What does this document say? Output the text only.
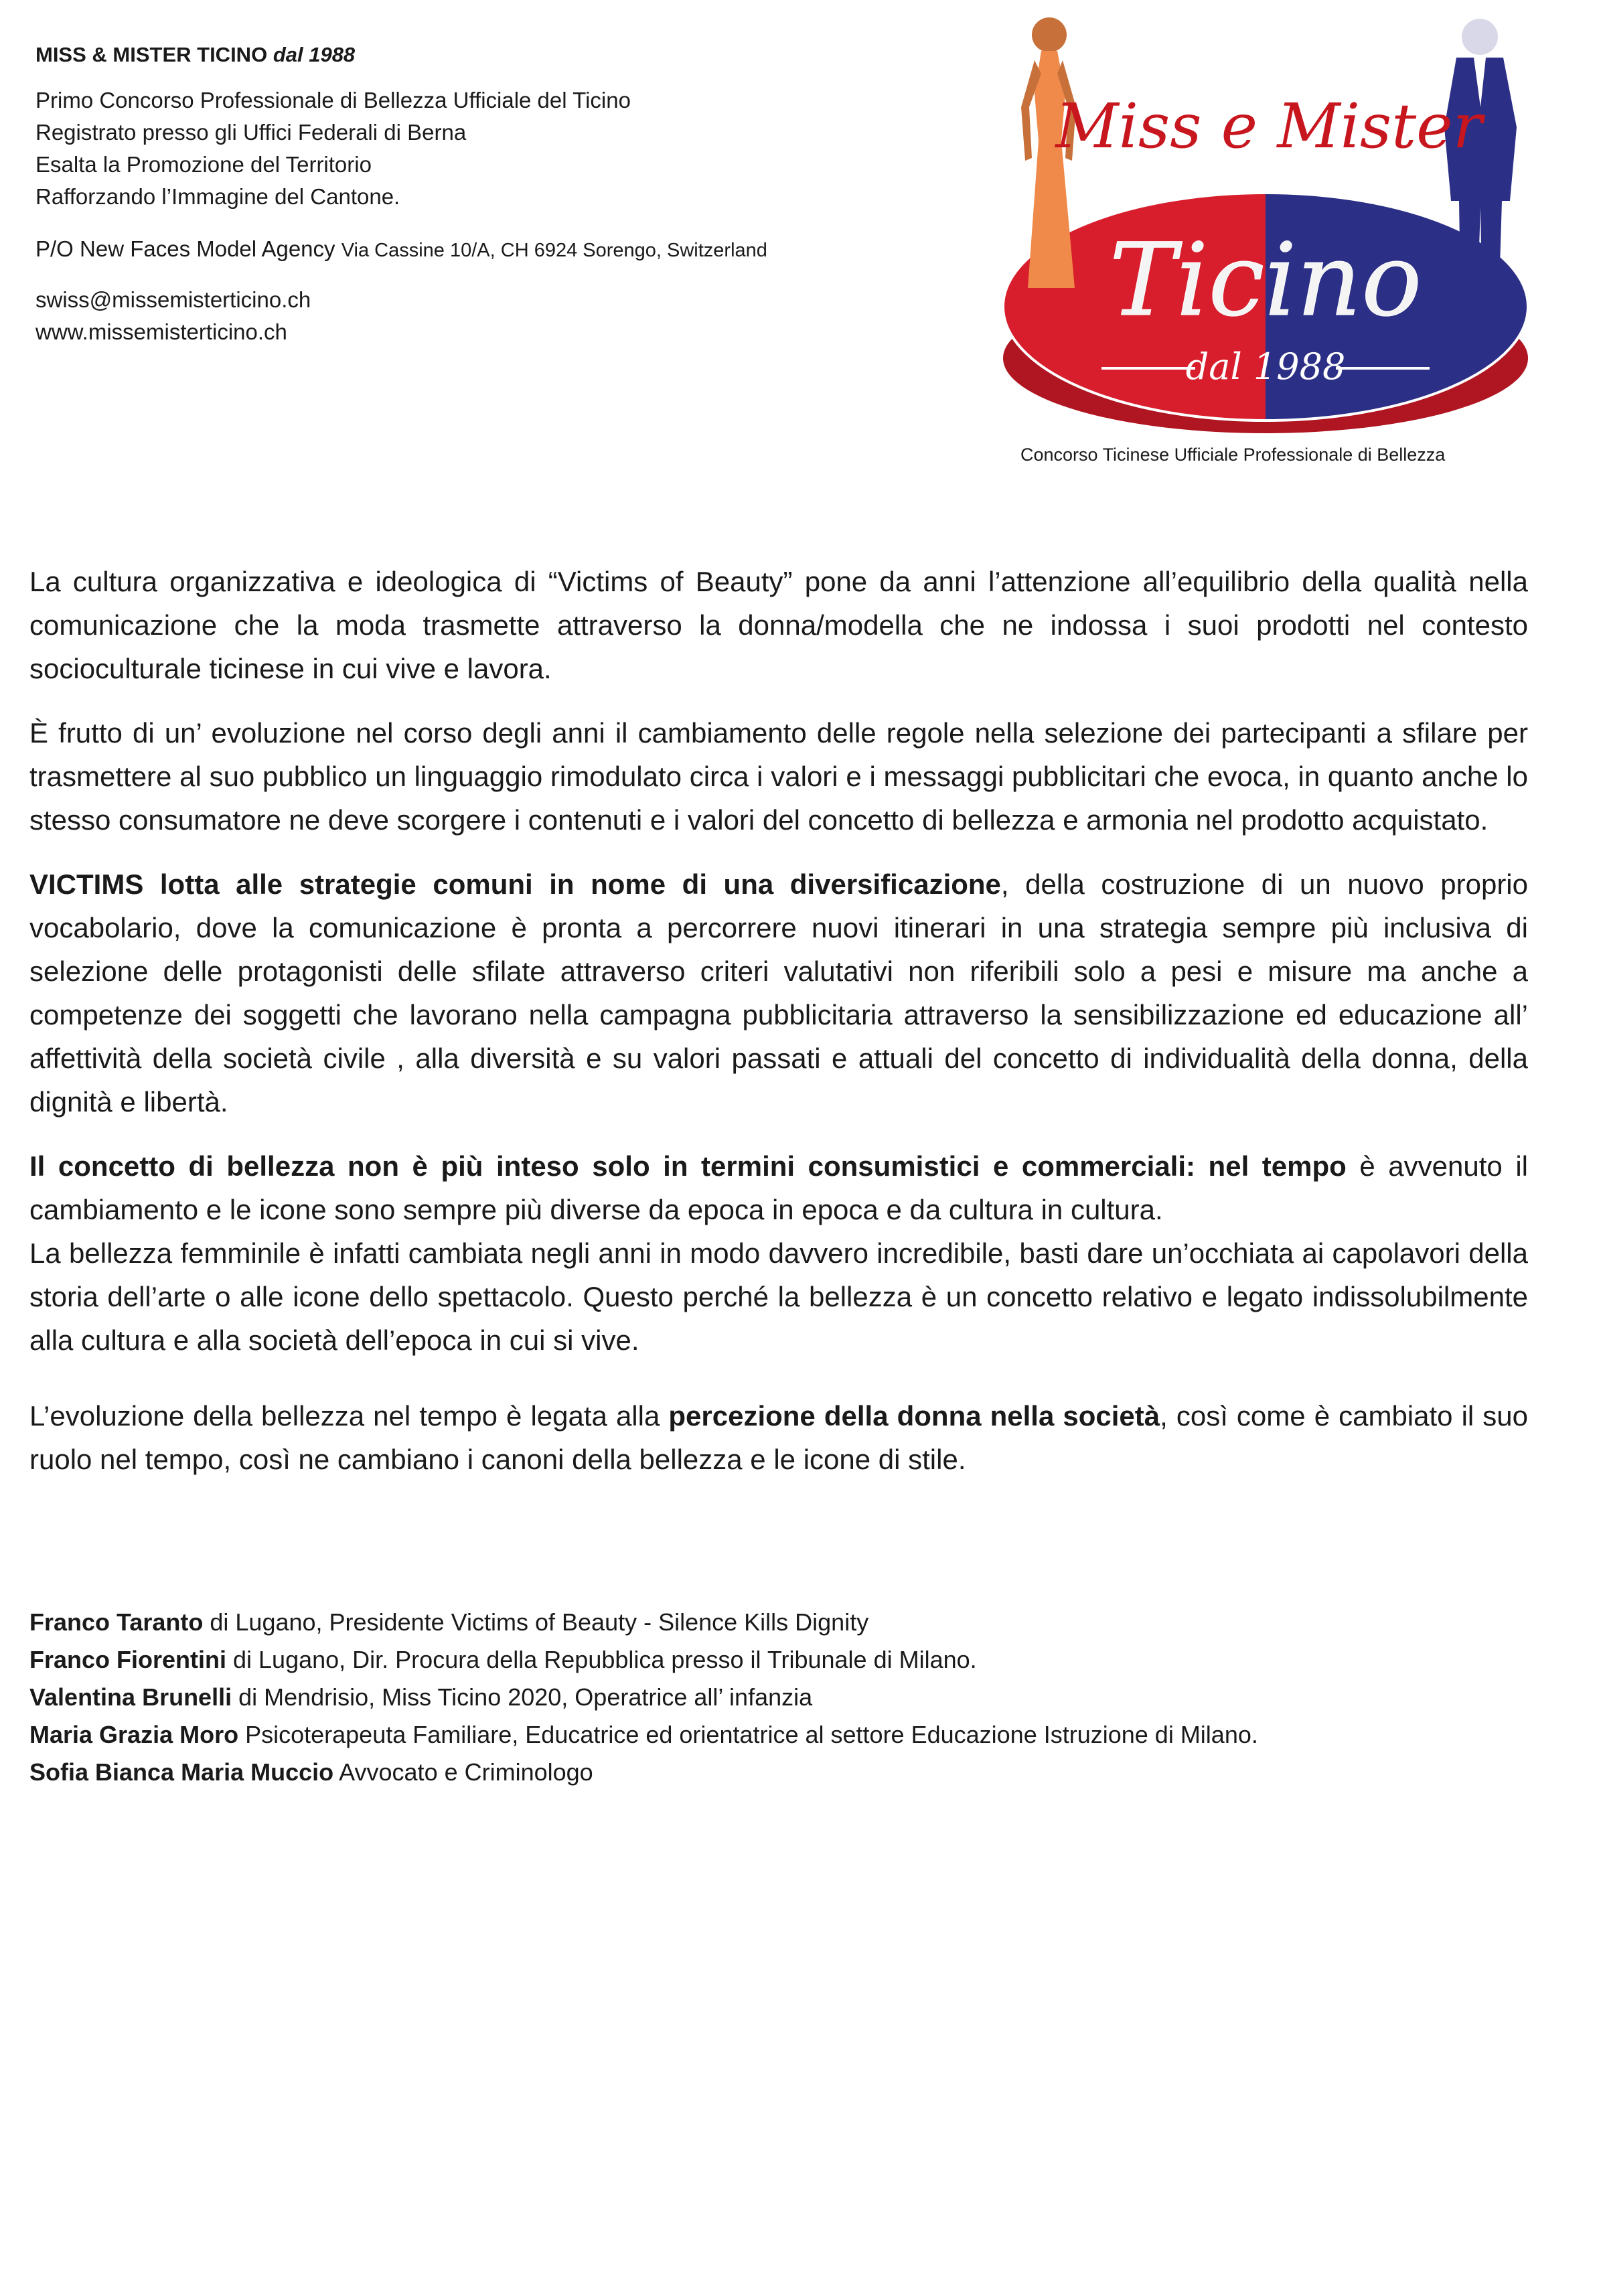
MISS & MISTER TICINO dal 1988

Primo Concorso Professionale di Bellezza Ufficiale del Ticino
Registrato presso gli Uffici Federali di Berna
Esalta la Promozione del Territorio
Rafforzando l’Immagine del Cantone.
P/O New Faces Model Agency Via Cassine 10/A, CH 6924 Sorengo, Switzerland
swiss@missemisterticino.ch
www.missemisterticino.ch
Miss e Mister
Ticino
dal 1988
Concorso Ticinese Ufficiale Professionale di Bellezza

La cultura organizzativa e ideologica di “Victims of Beauty” pone da anni l’attenzione all’equilibrio della qualità nella comunicazione che la moda trasmette attraverso la donna/modella che ne indossa i suoi prodotti nel contesto socioculturale ticinese in cui vive e lavora.

È frutto di un’ evoluzione nel corso degli anni il cambiamento delle regole nella selezione dei partecipanti a sfilare per trasmettere al suo pubblico un linguaggio rimodulato circa i valori e i messaggi pubblicitari che evoca, in quanto anche lo stesso consumatore ne deve scorgere i contenuti e i valori del concetto di bellezza e armonia nel prodotto acquistato.

VICTIMS lotta alle strategie comuni in nome di una diversificazione, della costruzione di un nuovo proprio vocabolario, dove la comunicazione è pronta a percorrere nuovi itinerari in una strategia sempre più inclusiva di selezione delle protagonisti delle sfilate attraverso criteri valutativi non riferibili solo a pesi e misure ma anche a competenze dei soggetti che lavorano nella campagna pubblicitaria attraverso la sensibilizzazione ed educazione all’ affettività della società civile , alla diversità e su valori passati e attuali del concetto di individualità della donna, della dignità e libertà.

Il concetto di bellezza non è più inteso solo in termini consumistici e commerciali: nel tempo è avvenuto il cambiamento e le icone sono sempre più diverse da epoca in epoca e da cultura in cultura.

La bellezza femminile è infatti cambiata negli anni in modo davvero incredibile, basti dare un’occhiata ai capolavori della storia dell’arte o alle icone dello spettacolo. Questo perché la bellezza è un concetto relativo e legato indissolubilmente alla cultura e alla società dell’epoca in cui si vive.

L’evoluzione della bellezza nel tempo è legata alla percezione della donna nella società, così come è cambiato il suo ruolo nel tempo, così ne cambiano i canoni della bellezza e le icone di stile.

Franco Taranto di Lugano, Presidente Victims of Beauty - Silence Kills Dignity
Franco Fiorentini di Lugano, Dir. Procura della Repubblica presso il Tribunale di Milano.
Valentina Brunelli di Mendrisio, Miss Ticino 2020, Operatrice all’ infanzia
Maria Grazia Moro Psicoterapeuta Familiare, Educatrice ed orientatrice al settore Educazione Istruzione di Milano.
Sofia Bianca Maria Muccio Avvocato e Criminologo
